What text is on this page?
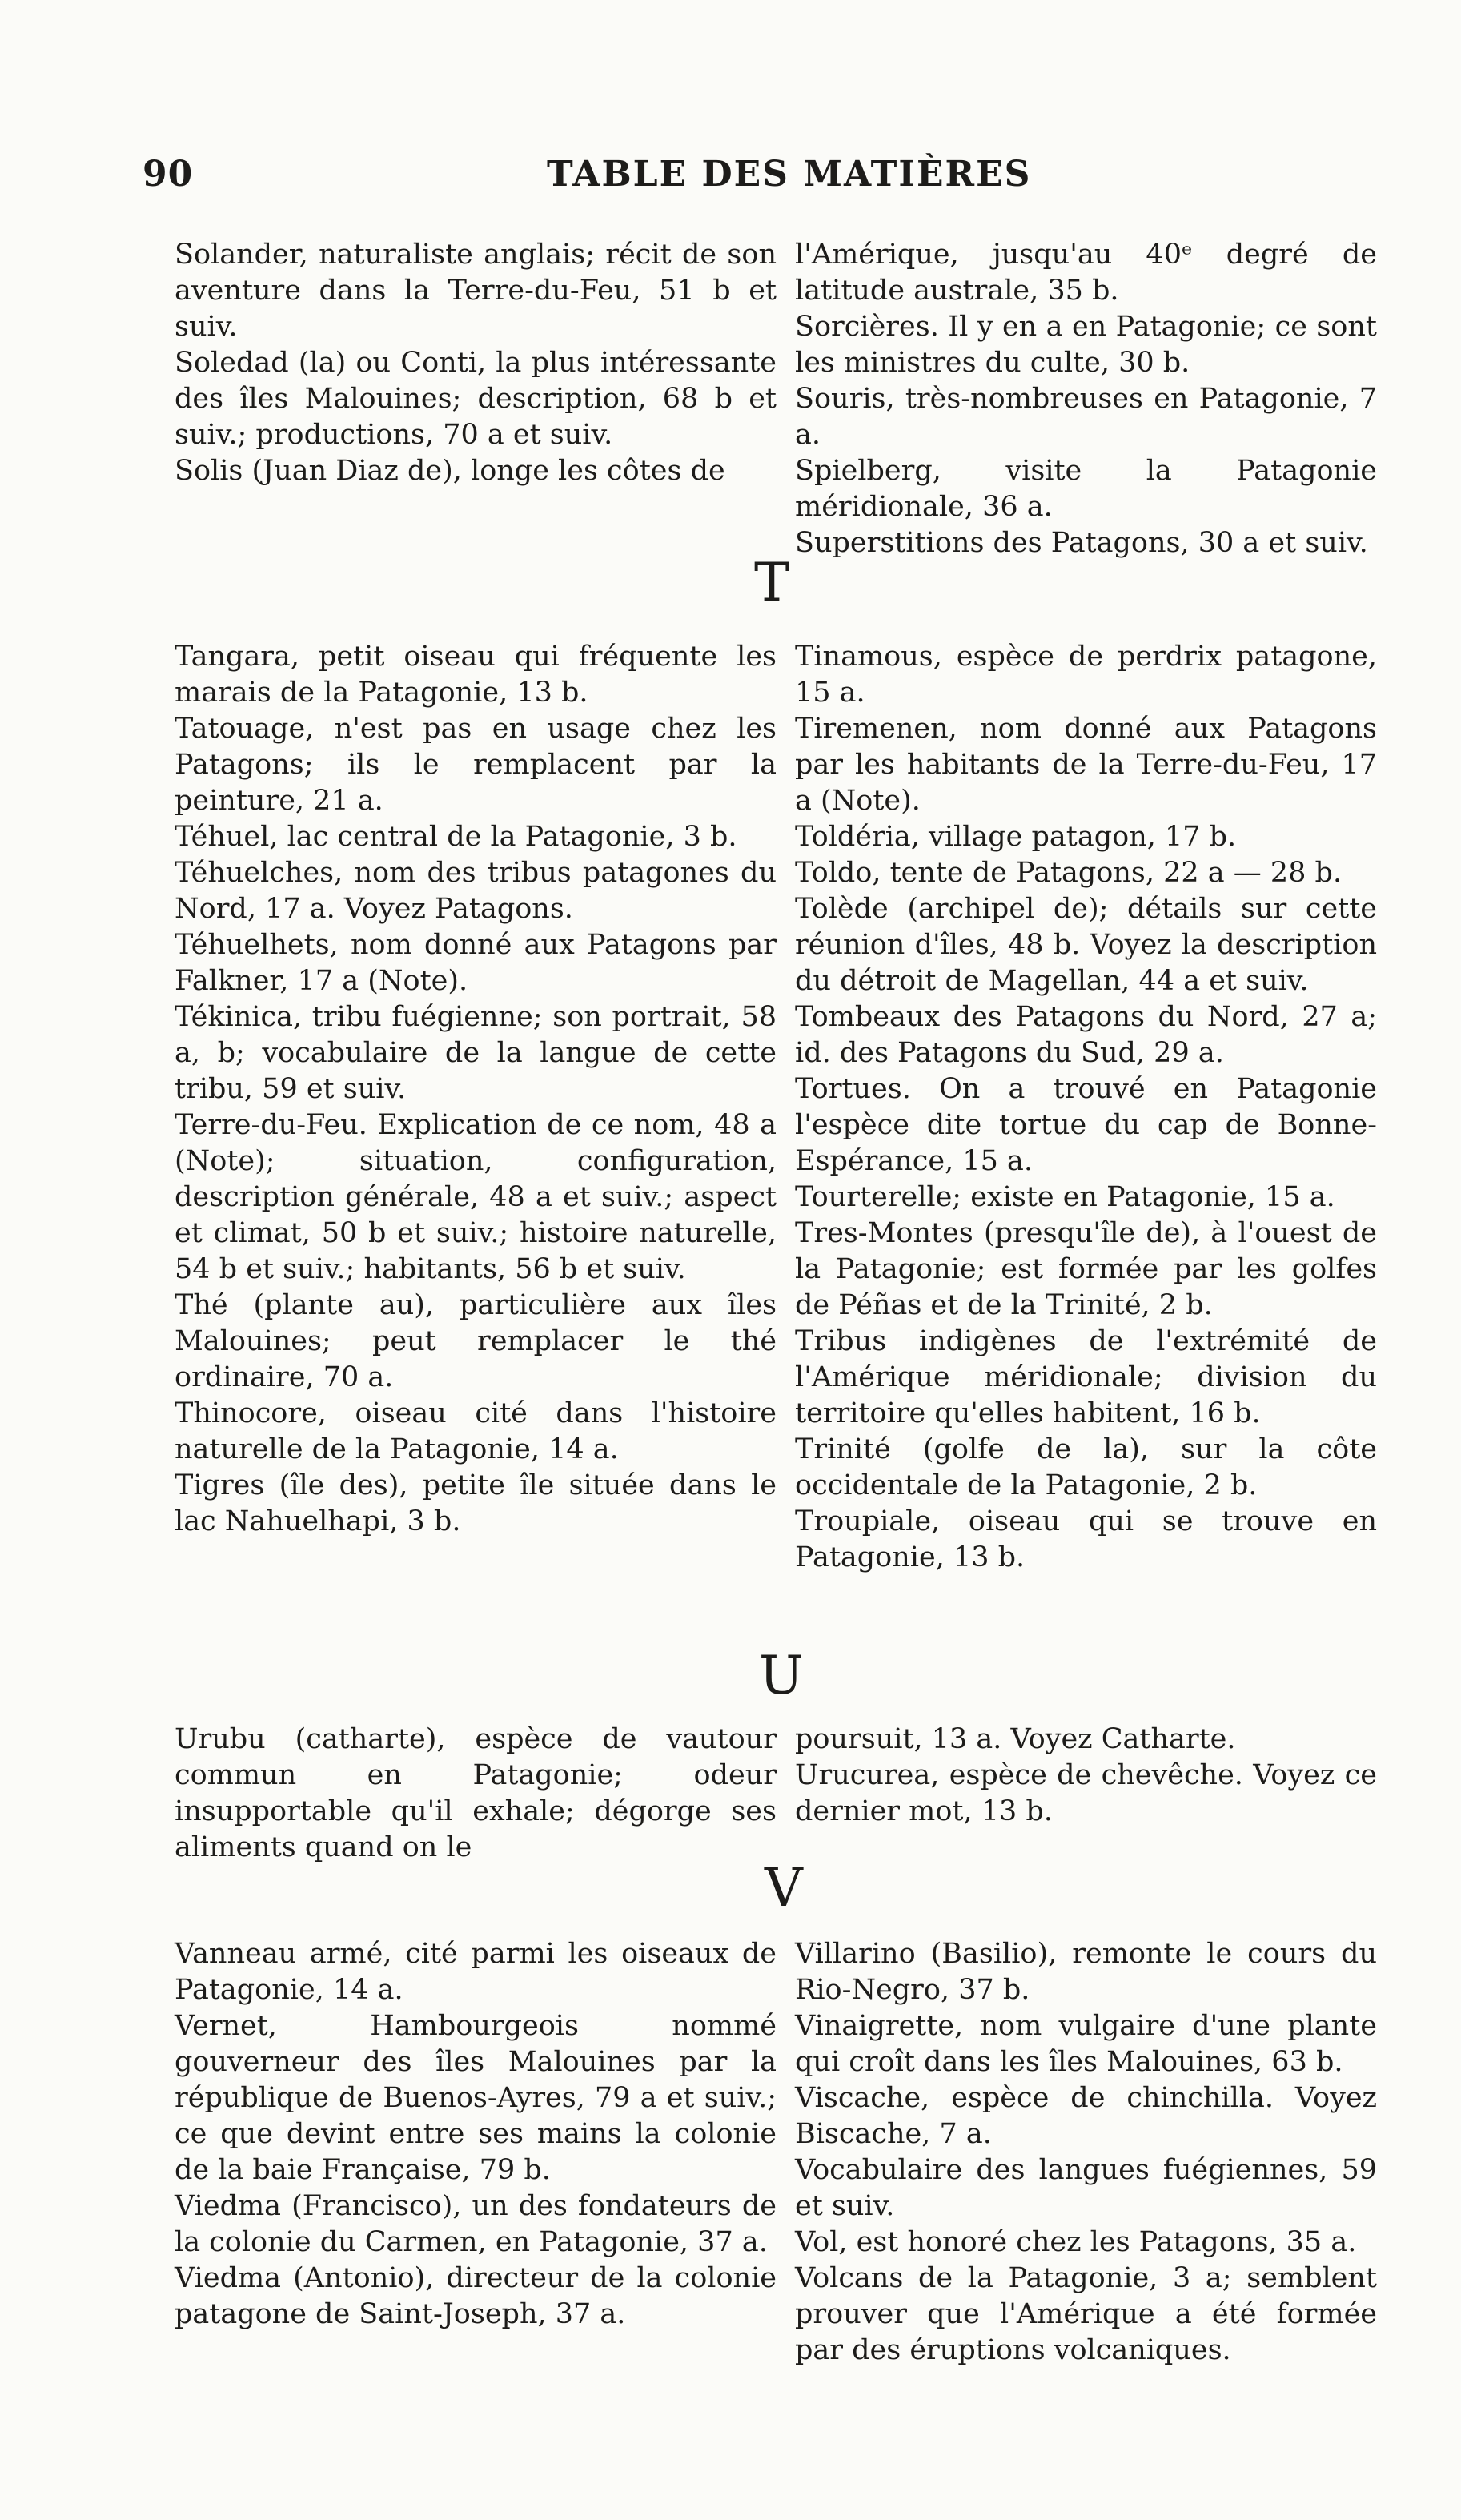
90	TABLE DES MATIÈRES

Solander, naturaliste anglais; récit de son aventure dans la Terre-du-Feu, 51 b et suiv.

Soledad (la) ou Conti, la plus intéressante des îles Malouines; description, 68 b et suiv.; productions, 70 a et suiv.

Solis (Juan Diaz de), longe les côtes de

l'Amérique, jusqu'au 40ᵉ degré de latitude australe, 35 b.

Sorcières. Il y en a en Patagonie; ce sont les ministres du culte, 30 b.

Souris, très-nombreuses en Patagonie, 7 a.

Spielberg, visite la Patagonie méridionale, 36 a.

Superstitions des Patagons, 30 a et suiv.

T

Tangara, petit oiseau qui fréquente les marais de la Patagonie, 13 b.

Tatouage, n'est pas en usage chez les Patagons; ils le remplacent par la peinture, 21 a.

Téhuel, lac central de la Patagonie, 3 b.

Téhuelches, nom des tribus patagones du Nord, 17 a. Voyez Patagons.

Téhuelhets, nom donné aux Patagons par Falkner, 17 a (Note).

Tékinica, tribu fuégienne; son portrait, 58 a, b; vocabulaire de la langue de cette tribu, 59 et suiv.

Terre-du-Feu. Explication de ce nom, 48 a (Note); situation, configuration, description générale, 48 a et suiv.; aspect et climat, 50 b et suiv.; histoire naturelle, 54 b et suiv.; habitants, 56 b et suiv.

Thé (plante au), particulière aux îles Malouines; peut remplacer le thé ordinaire, 70 a.

Thinocore, oiseau cité dans l'histoire naturelle de la Patagonie, 14 a.

Tigres (île des), petite île située dans le lac Nahuelhapi, 3 b.

Tinamous, espèce de perdrix patagone, 15 a.

Tiremenen, nom donné aux Patagons par les habitants de la Terre-du-Feu, 17 a (Note).

Toldéria, village patagon, 17 b.

Toldo, tente de Patagons, 22 a — 28 b.

Tolède (archipel de); détails sur cette réunion d'îles, 48 b. Voyez la description du détroit de Magellan, 44 a et suiv.

Tombeaux des Patagons du Nord, 27 a; id. des Patagons du Sud, 29 a.

Tortues. On a trouvé en Patagonie l'espèce dite tortue du cap de Bonne-Espérance, 15 a.

Tourterelle; existe en Patagonie, 15 a.

Tres-Montes (presqu'île de), à l'ouest de la Patagonie; est formée par les golfes de Péñas et de la Trinité, 2 b.

Tribus indigènes de l'extrémité de l'Amérique méridionale; division du territoire qu'elles habitent, 16 b.

Trinité (golfe de la), sur la côte occidentale de la Patagonie, 2 b.

Troupiale, oiseau qui se trouve en Patagonie, 13 b.

U

Urubu (catharte), espèce de vautour commun en Patagonie; odeur insupportable qu'il exhale; dégorge ses aliments quand on le

poursuit, 13 a. Voyez Catharte.

Urucurea, espèce de chevêche. Voyez ce dernier mot, 13 b.

V

Vanneau armé, cité parmi les oiseaux de Patagonie, 14 a.

Vernet, Hambourgeois nommé gouverneur des îles Malouines par la république de Buenos-Ayres, 79 a et suiv.; ce que devint entre ses mains la colonie de la baie Française, 79 b.

Viedma (Francisco), un des fondateurs de la colonie du Carmen, en Patagonie, 37 a.

Viedma (Antonio), directeur de la colonie patagone de Saint-Joseph, 37 a.

Villarino (Basilio), remonte le cours du Rio-Negro, 37 b.

Vinaigrette, nom vulgaire d'une plante qui croît dans les îles Malouines, 63 b.

Viscache, espèce de chinchilla. Voyez Biscache, 7 a.

Vocabulaire des langues fuégiennes, 59 et suiv.

Vol, est honoré chez les Patagons, 35 a.

Volcans de la Patagonie, 3 a; semblent prouver que l'Amérique a été formée par des éruptions volcaniques.
